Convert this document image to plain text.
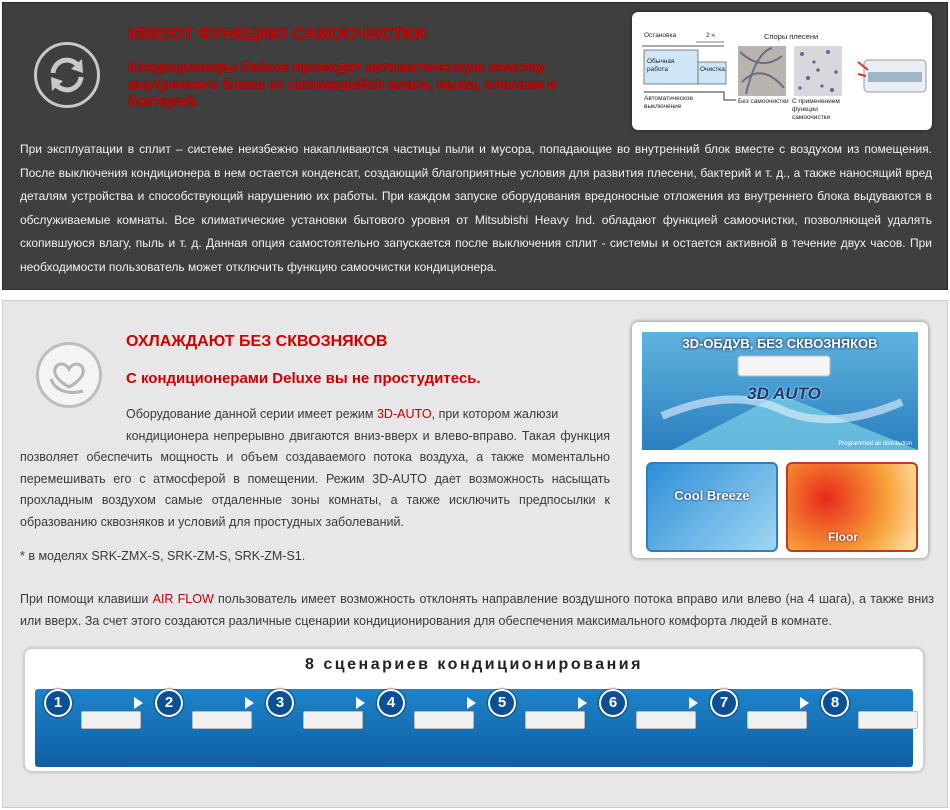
ИМЕЮТ ФУНКЦИЮ САМООЧИСТКИ
Кондиционеры Deluxe проводят автоматическую очистку внутреннего блока от скопившейся влаги, пыли, плесени и бактерий.
Остановка	2 ч
Обычная работа	Очистка
Автоматическое выключение
Споры плесени
Без самоочистки С применением функции самоочистки
При эксплуатации в сплит – системе неизбежно накапливаются частицы пыли и мусора, попадающие во внутренний блок вместе с воздухом из помещения. После выключения кондиционера в нем остается конденсат, создающий благоприятные условия для развития плесени, бактерий и т. д., а также наносящий вред деталям устройства и способствующий нарушению их работы. При каждом запуске оборудования вредоносные отложения из внутреннего блока выдуваются в обслуживаемые комнаты. Все климатические установки бытового уровня от Mitsubishi Heavy Ind. обладают функцией самоочистки, позволяющей удалять скопившуюся влагу, пыль и т. д. Данная опция самостоятельно запускается после выключения сплит - системы и остается активной в течение двух часов. При необходимости пользователь может отключить функцию самоочистки кондиционера.
ОХЛАЖДАЮТ БЕЗ СКВОЗНЯКОВ
С кондиционерами Deluxe вы не простудитесь.
Оборудование данной серии имеет режим 3D-AUTO, при котором жалюзи
кондиционера непрерывно двигаются вниз-вверх и влево-вправо. Такая функция позволяет обеспечить мощность и объем создаваемого потока воздуха, а также моментально перемешивать его с атмосферой в помещении. Режим 3D-AUTO дает возможность насыщать прохладным воздухом самые отдаленные зоны комнаты, а также исключить предпосылки к образованию сквозняков и условий для простудных заболеваний.
* в моделях SRK-ZMX-S, SRK-ZM-S, SRK-ZM-S1.
При помощи клавиши AIR FLOW пользователь имеет возможность отклонять направление воздушного потока вправо или влево (на 4 шага), а также вниз или вверх. За счет этого создаются различные сценарии кондиционирования для обеспечения максимального комфорта людей в комнате.
3D-ОБДУВ, БЕЗ СКВОЗНЯКОВ
3D AUTO
Programmed air distribution
Cool Breeze
Floor
8 сценариев кондиционирования
1	2	3	4	5	6	7	8
